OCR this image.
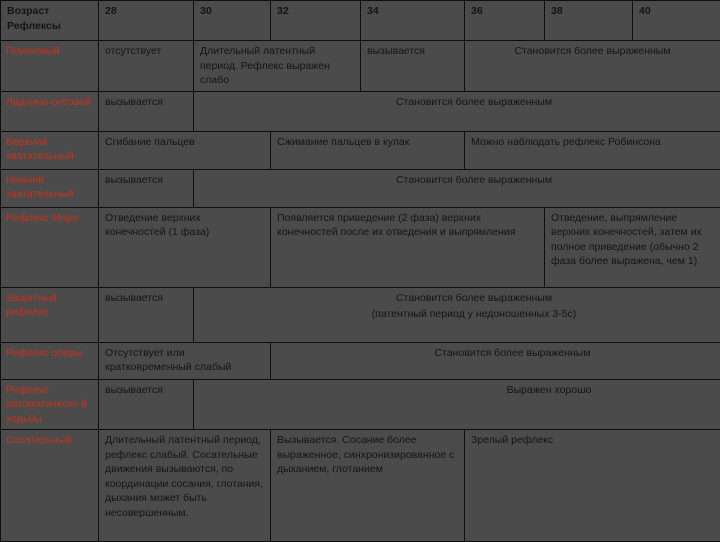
Возраст
Рефлексы	28	30	32	34	36	38	40
Поисковый	отсутствует	Длительный латентный период. Рефлекс выражен слабо		вызывается	Становится более выраженным		
Ладонно-ротовой	вызывается	Становится более выраженным					
Верхний хватательный	Сгибание пальцев		Сжимание пальцев в кулак		Можно наблюдать рефлекс Робинсона		
Нижний хватательный	вызывается	Становится более выраженным					
Рефлекс Моро	Отведение верхних конечностей (1 фаза)		Появляется приведение (2 фаза) верхних конечностей после их отведения и выпрямления			Отведение, выпрямление верхних конечностей, затем их полное приведение (обычно 2 фаза более выражена, чем 1)	
Защитный рефлекс	вызывается	Становится более выраженным
(патентный период у недоношенных 3-5с)					

Рефлекс опоры	Отсутствует или кратковременный слабый		Становится более выраженным				
Рефлекс автоматическо й ходьбы	вызывается	Выражен хорошо					
Сосательный	Длительный латентный период, рефлекс слабый. Сосательные движения вызываются, по координации сосания, глотания, дыхания может быть несовершенным.		Вызывается. Сосание более выраженное, синхронизированное с дыханием, глотанием		Зрелый рефлекс		
